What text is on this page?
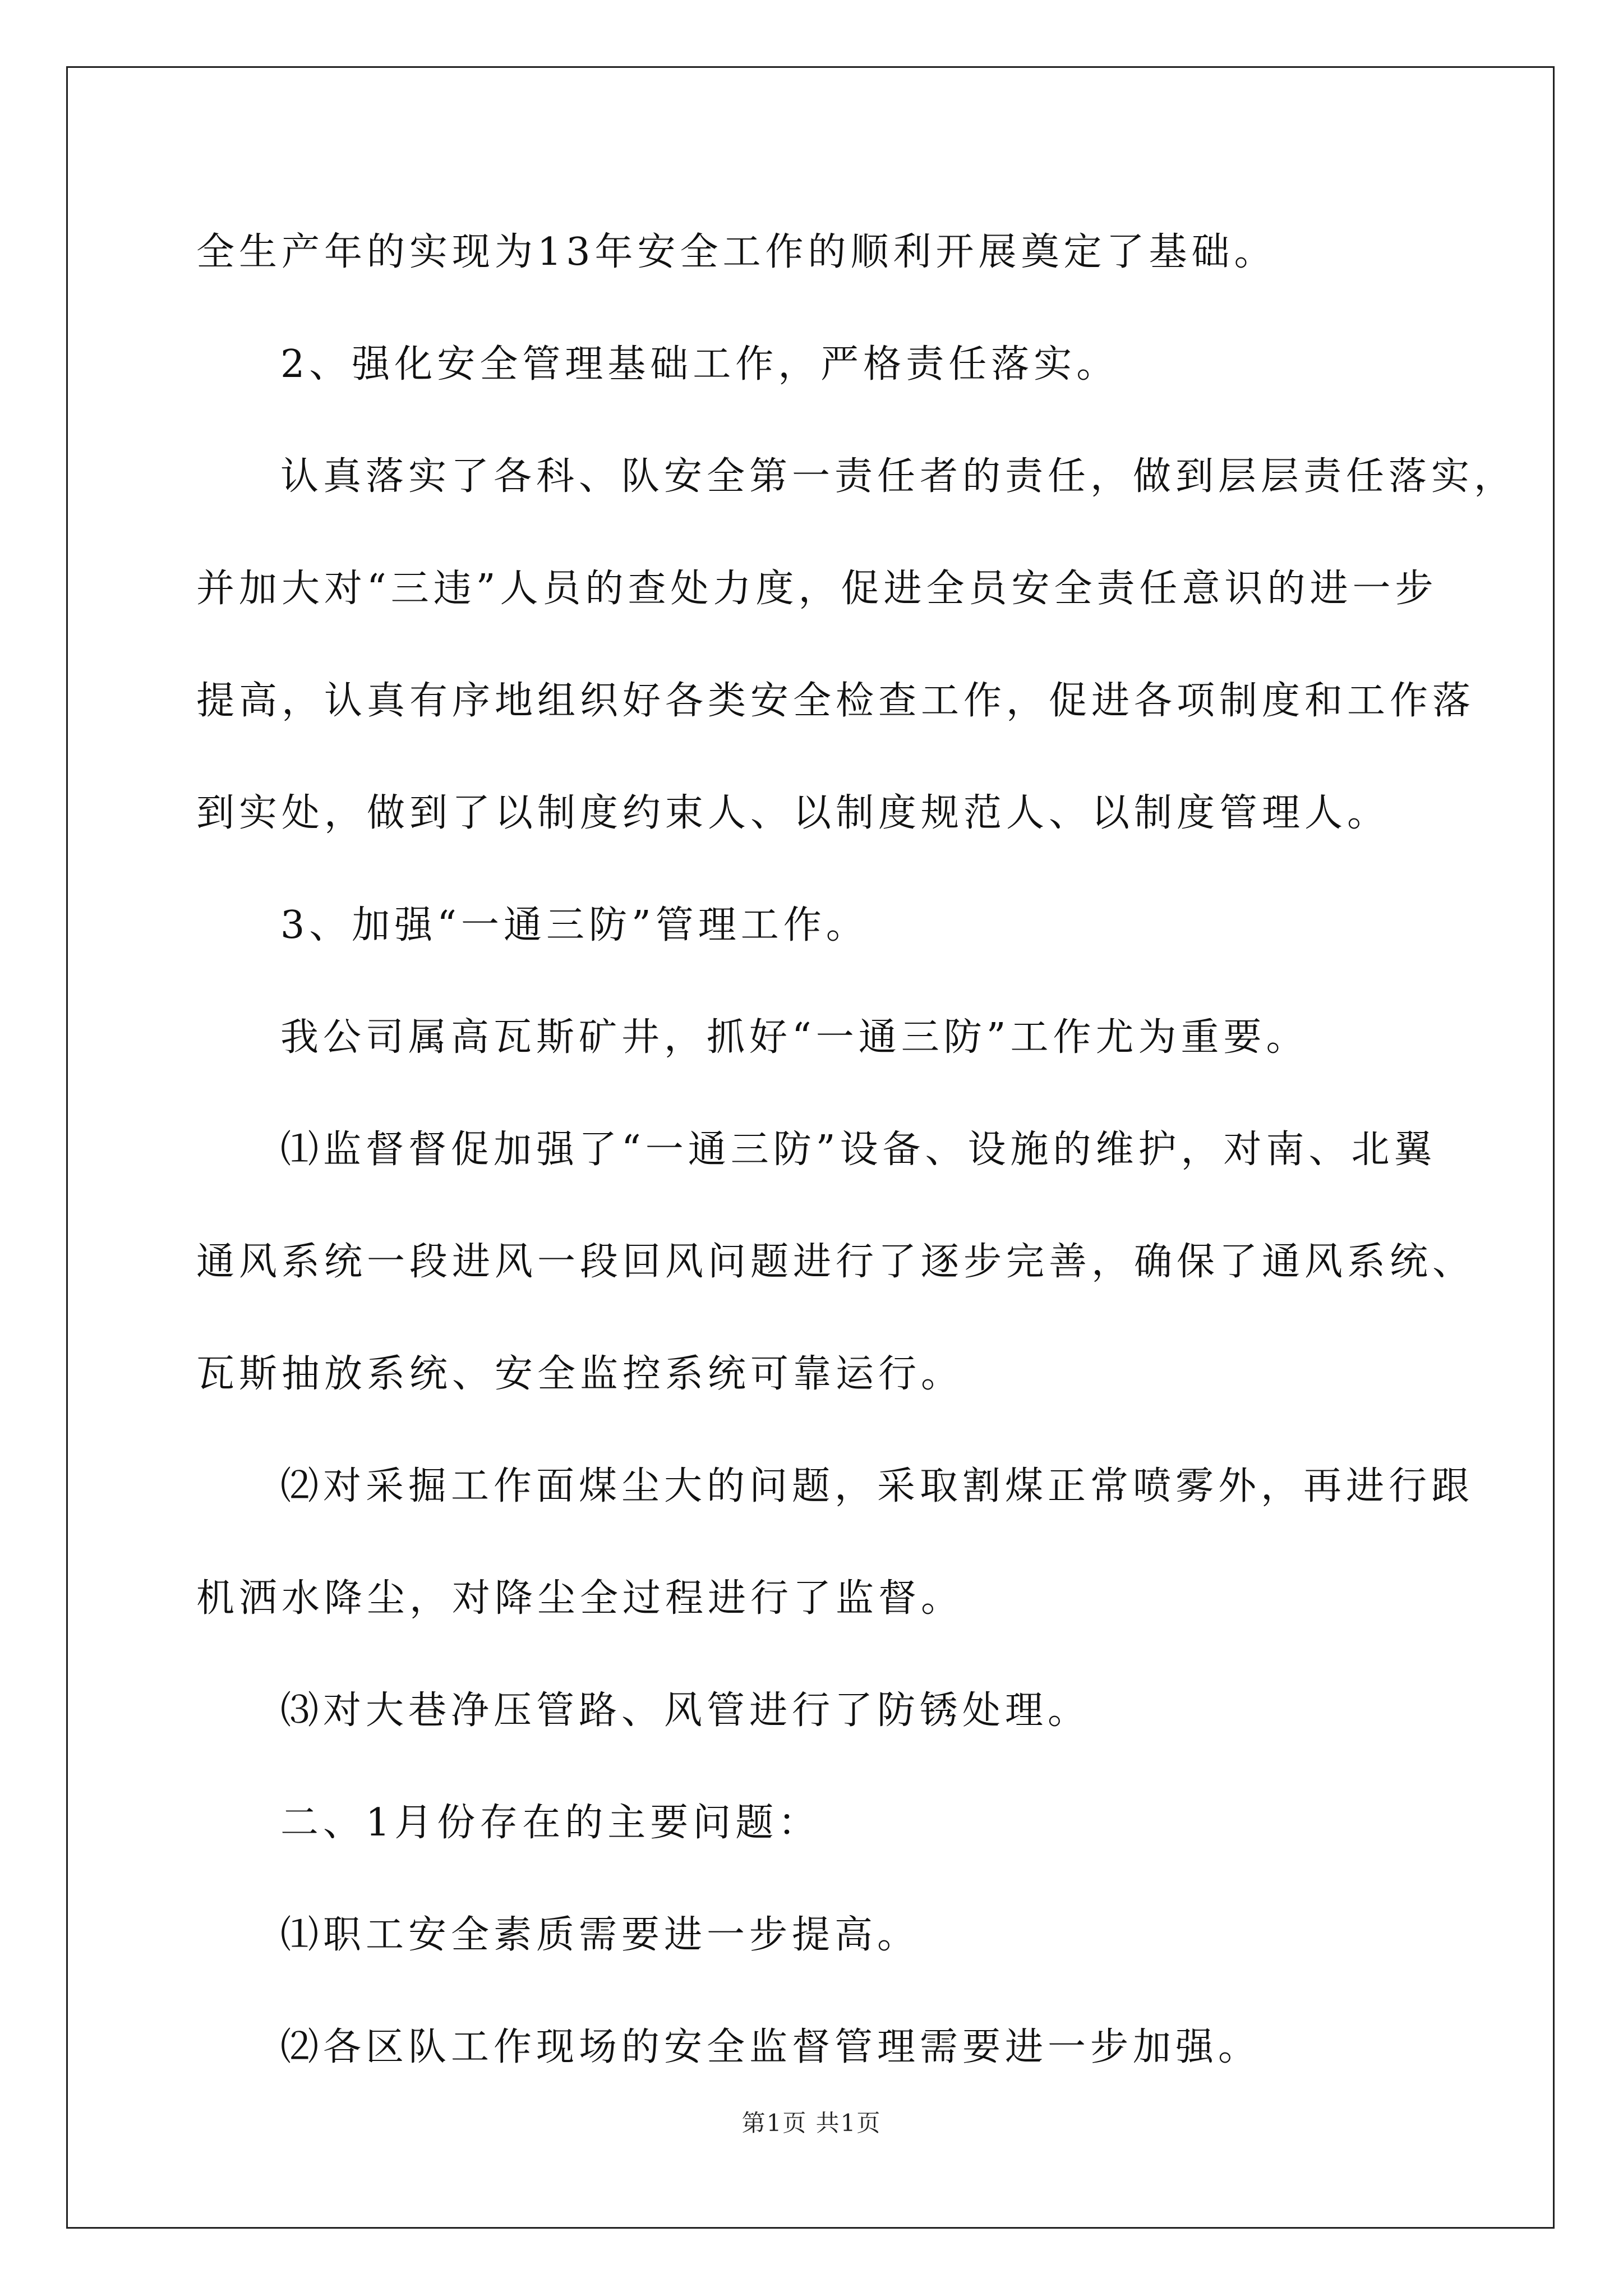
全生产年的实现为13年安全工作的顺利开展奠定了基础。
2、强化安全管理基础工作，严格责任落实。
认真落实了各科、队安全第一责任者的责任，做到层层责任落实，
并加大对“三违”人员的查处力度，促进全员安全责任意识的进一步
提高，认真有序地组织好各类安全检查工作，促进各项制度和工作落
到实处，做到了以制度约束人、以制度规范人、以制度管理人。
3、加强“一通三防”管理工作。
我公司属高瓦斯矿井，抓好“一通三防”工作尤为重要。
⑴监督督促加强了“一通三防”设备、设施的维护，对南、北翼
通风系统一段进风一段回风问题进行了逐步完善，确保了通风系统、
瓦斯抽放系统、安全监控系统可靠运行。
⑵对采掘工作面煤尘大的问题，采取割煤正常喷雾外，再进行跟
机洒水降尘，对降尘全过程进行了监督。
⑶对大巷净压管路、风管进行了防锈处理。
二、1月份存在的主要问题：
⑴职工安全素质需要进一步提高。
⑵各区队工作现场的安全监督管理需要进一步加强。
第1页 共1页
